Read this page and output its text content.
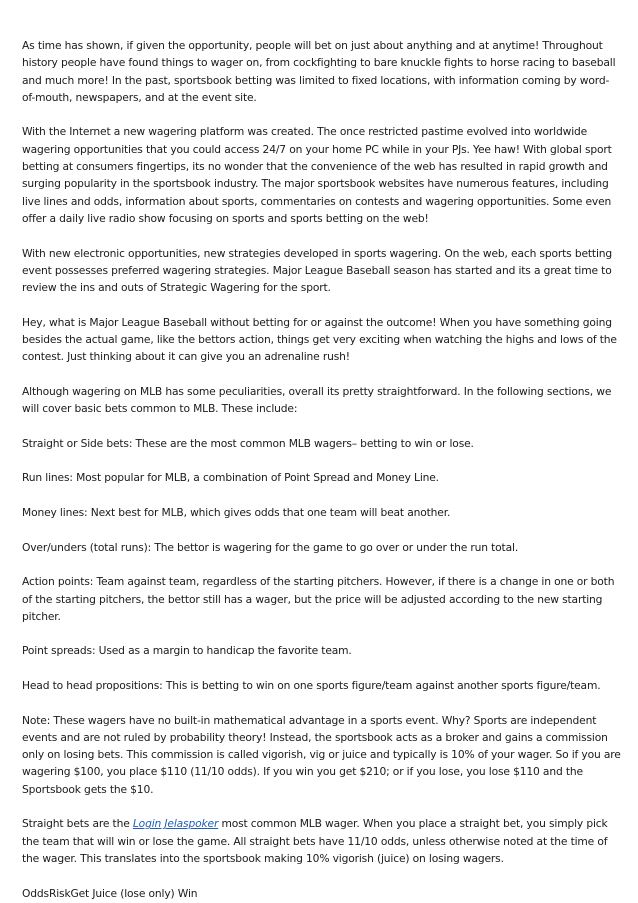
As time has shown, if given the opportunity, people will bet on just about anything and at anytime! Throughout history people have found things to wager on, from cockfighting to bare knuckle fights to horse racing to baseball and much more! In the past, sportsbook betting was limited to fixed locations, with information coming by word-of-mouth, newspapers, and at the event site.

With the Internet a new wagering platform was created. The once restricted pastime evolved into worldwide wagering opportunities that you could access 24/7 on your home PC while in your PJs. Yee haw! With global sport betting at consumers fingertips, its no wonder that the convenience of the web has resulted in rapid growth and surging popularity in the sportsbook industry. The major sportsbook websites have numerous features, including live lines and odds, information about sports, commentaries on contests and wagering opportunities. Some even offer a daily live radio show focusing on sports and sports betting on the web!

With new electronic opportunities, new strategies developed in sports wagering. On the web, each sports betting event possesses preferred wagering strategies. Major League Baseball season has started and its a great time to review the ins and outs of Strategic Wagering for the sport.

Hey, what is Major League Baseball without betting for or against the outcome! When you have something going besides the actual game, like the bettors action, things get very exciting when watching the highs and lows of the contest. Just thinking about it can give you an adrenaline rush!

Although wagering on MLB has some peculiarities, overall its pretty straightforward. In the following sections, we will cover basic bets common to MLB. These include:

Straight or Side bets: These are the most common MLB wagers– betting to win or lose.

Run lines: Most popular for MLB, a combination of Point Spread and Money Line.

Money lines: Next best for MLB, which gives odds that one team will beat another.

Over/unders (total runs): The bettor is wagering for the game to go over or under the run total.

Action points: Team against team, regardless of the starting pitchers. However, if there is a change in one or both of the starting pitchers, the bettor still has a wager, but the price will be adjusted according to the new starting pitcher.

Point spreads: Used as a margin to handicap the favorite team.

Head to head propositions: This is betting to win on one sports figure/team against another sports figure/team.

Note: These wagers have no built-in mathematical advantage in a sports event. Why? Sports are independent events and are not ruled by probability theory! Instead, the sportsbook acts as a broker and gains a commission only on losing bets. This commission is called vigorish, vig or juice and typically is 10% of your wager. So if you are wagering $100, you place $110 (11/10 odds). If you win you get $210; or if you lose, you lose $110 and the Sportsbook gets the $10.

Straight bets are the Login Jelaspoker most common MLB wager. When you place a straight bet, you simply pick the team that will win or lose the game. All straight bets have 11/10 odds, unless otherwise noted at the time of the wager. This translates into the sportsbook making 10% vigorish (juice) on losing wagers.

OddsRiskGet Juice (lose only) Win
